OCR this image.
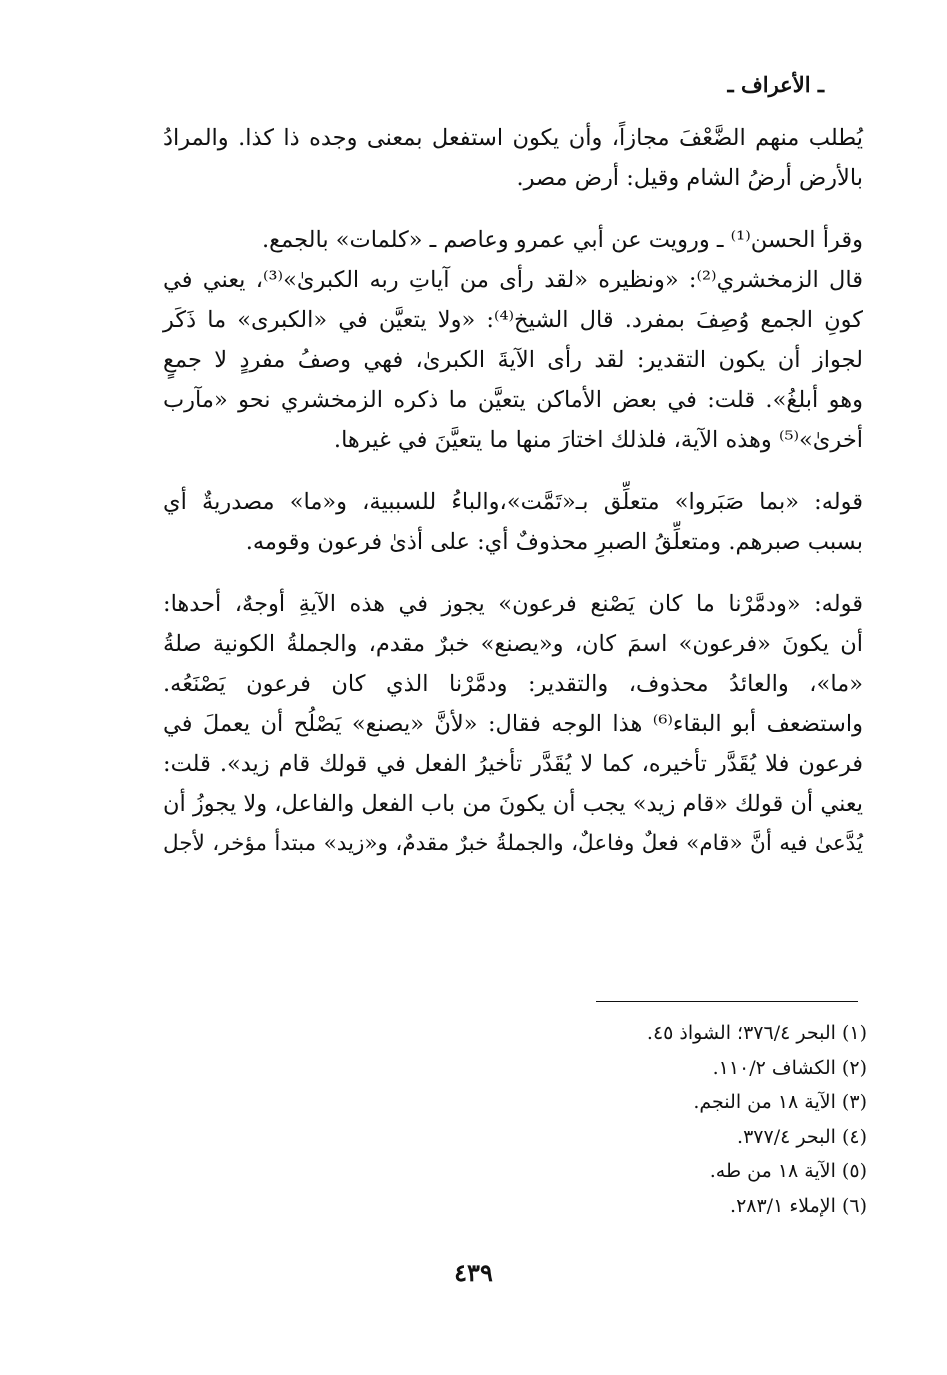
ـ الأعراف ـ

يُطلب منهم الضَّعْفَ مجازاً، وأن يكون استفعل بمعنى وجده ذا كذا. والمرادُ
بالأرض أرضُ الشام وقيل: أرض مصر.

وقرأ الحسن⁽¹⁾ ـ ورويت عن أبي عمرو وعاصم ـ «كلمات» بالجمع.
قال الزمخشري⁽²⁾: «ونظيره «لقد رأى من آياتِ ربه الكبرىٰ»⁽³⁾، يعني في
كونِ الجمع وُصِفَ بمفرد. قال الشيخ⁽⁴⁾: «ولا يتعيَّن في «الكبرى» ما ذَكَر
لجواز أن يكون التقدير: لقد رأى الآيةَ الكبرىٰ، فهي وصفُ مفردٍ لا جمعٍ
وهو أبلغُ». قلت: في بعض الأماكن يتعيَّن ما ذكره الزمخشري نحو «مآرب
أخرىٰ»⁽⁵⁾ وهذه الآية، فلذلك اختارَ منها ما يتعيَّنَ في غيرها.

قوله: «بما صَبَروا» متعلِّق بـ«تَمَّت»،والباءُ للسببية، و«ما» مصدريةٌ أي
بسبب صبرهم. ومتعلِّقُ الصبرِ محذوفٌ أي: على أذىٰ فرعون وقومه.

قوله: «ودمَّرْنا ما كان يَصْنع فرعون» يجوز في هذه الآيةِ أوجهٌ، أحدها:
أن يكونَ «فرعون» اسمَ كان، و«يصنع» خبرٌ مقدم، والجملةُ الكونية صلةُ
«ما»، والعائدُ محذوف، والتقدير: ودمَّرْنا الذي كان فرعون يَصْنَعُه.
واستضعف أبو البقاء⁽⁶⁾ هذا الوجه فقال: «لأنَّ «يصنع» يَصْلُح أن يعملَ في
فرعون فلا يُقَدَّر تأخيره، كما لا يُقَدَّر تأخيرُ الفعل في قولك قام زيد». قلت:
يعني أن قولك «قام زيد» يجب أن يكونَ من باب الفعل والفاعل، ولا يجوزُ أن
يُدَّعىٰ فيه أنَّ «قام» فعلٌ وفاعلٌ، والجملةُ خبرٌ مقدمٌ، و«زيد» مبتدأ مؤخر، لأجل

(١) البحر ٣٧٦/٤؛ الشواذ ٤٥.
(٢) الكشاف ١١٠/٢.
(٣) الآية ١٨ من النجم.
(٤) البحر ٣٧٧/٤.
(٥) الآية ١٨ من طه.
(٦) الإملاء ٢٨٣/١.
٤٣٩
